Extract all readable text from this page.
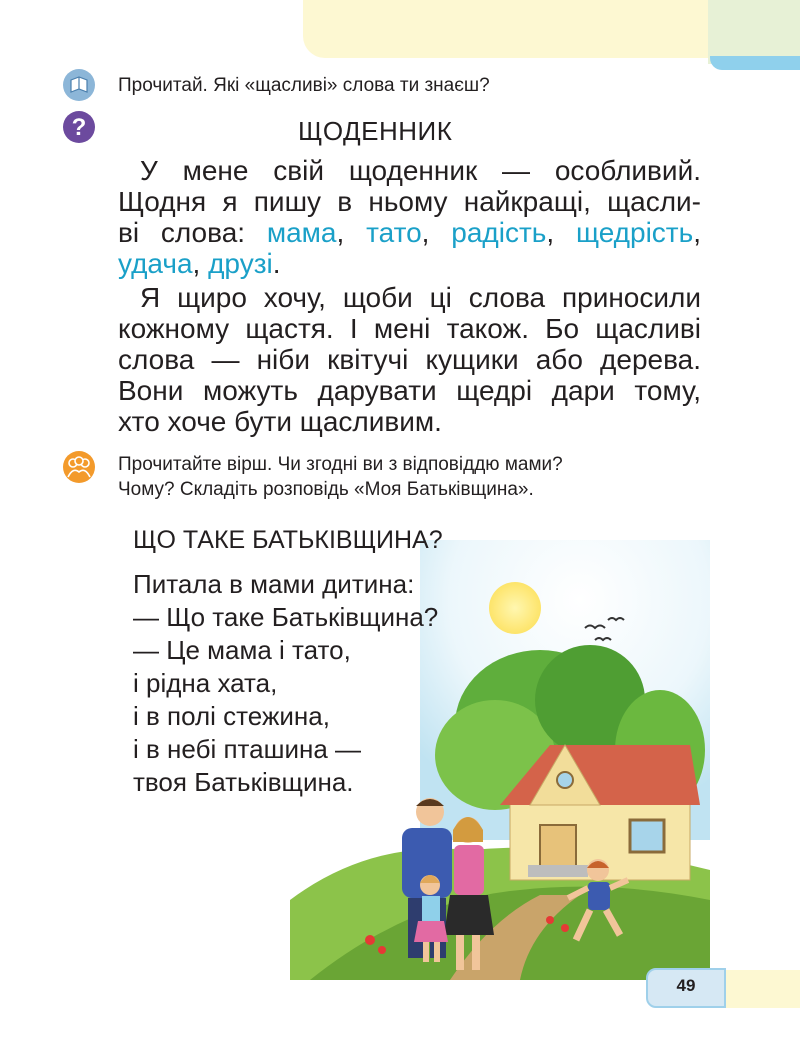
Прочитай. Які «щасливі» слова ти знаєш?
?	ЩОДЕННИК

У мене свій щоденник — особливий.
Щодня я пишу в ньому найкращі, щасли-
ві слова: мама, тато, радість, щедрість,
удача, друзі.

Я щиро хочу, щоби ці слова приносили
кожному щастя. І мені також. Бо щасливі
слова — ніби квітучі кущики або дерева.
Вони можуть дарувати щедрі дари тому,
хто хоче бути щасливим.

Прочитайте вірш. Чи згодні ви з відповіддю мами?
Чому? Складіть розповідь «Моя Батьківщина».
ЩО ТАКЕ БАТЬКІВЩИНА?
Питала в мами дитина:
— Що таке Батьківщина?
— Це мама і тато,
і рідна хата,
і в полі стежина,
і в небі пташина —
твоя Батьківщина.
49
